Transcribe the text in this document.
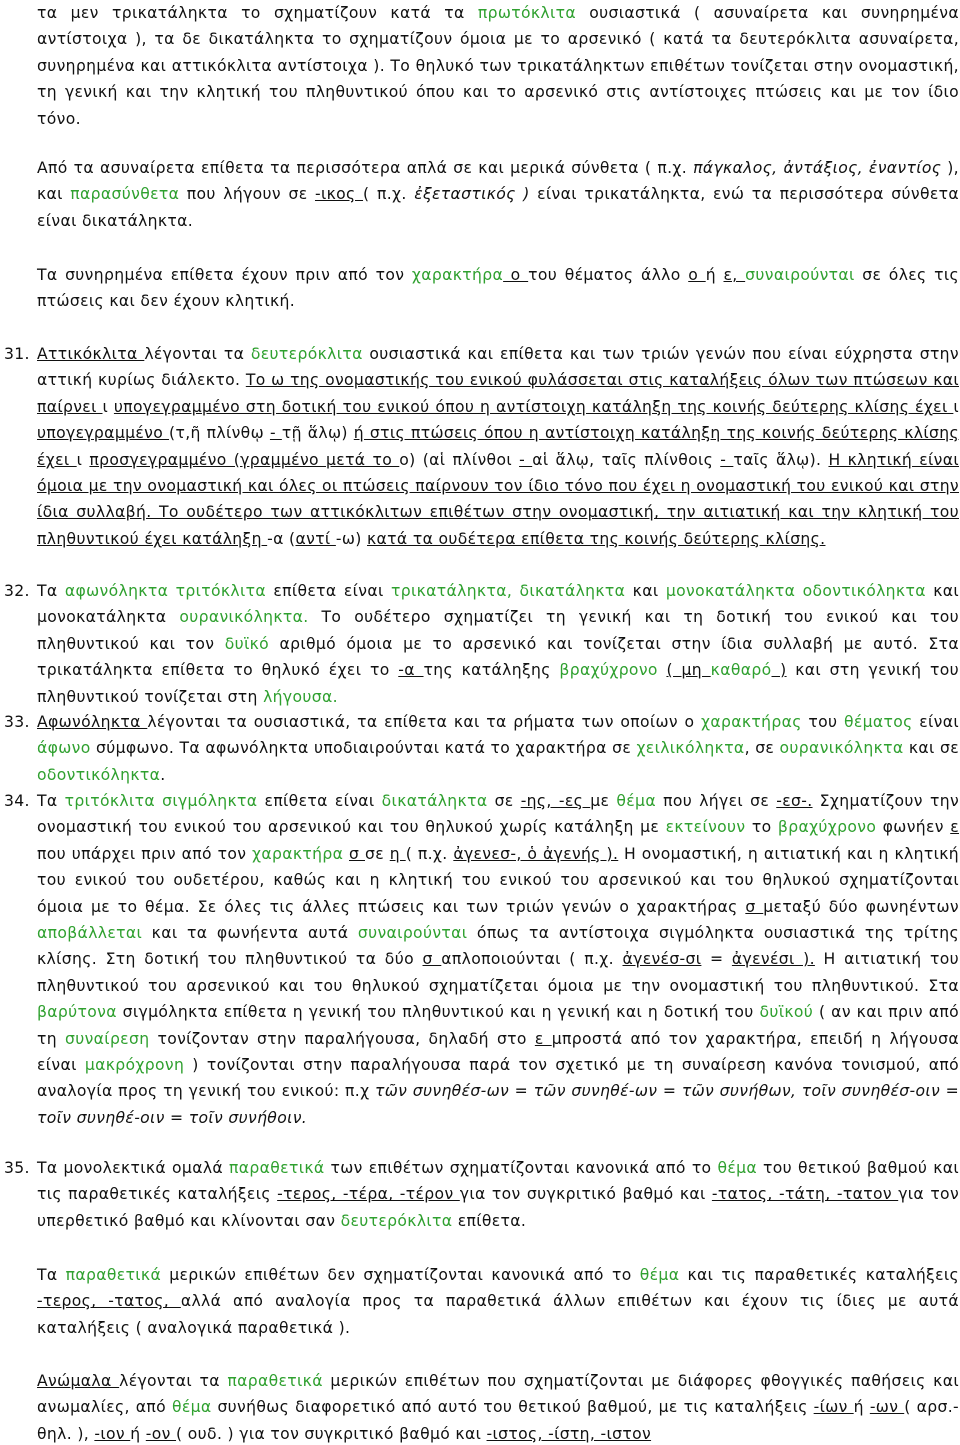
τα μεν τρικατάληκτα το σχηματίζουν κατά τα πρωτόκλιτα ουσιαστικά ( ασυναίρετα και συνηρημένα αντίστοιχα ), τα δε δικατάληκτα το σχηματίζουν όμοια με το αρσενικό ( κατά τα δευτερόκλιτα ασυναίρετα, συνηρημένα και αττικόκλιτα αντίστοιχα ). Το θηλυκό των τρικατάληκτων επιθέτων τονίζεται στην ονομαστική, τη γενική και την κλητική του πληθυντικού όπου και το αρσενικό στις αντίστοιχες πτώσεις και με τον ίδιο τόνο.

Από τα ασυναίρετα επίθετα τα περισσότερα απλά σε και μερικά σύνθετα ( π.χ. πάγκαλος, ἀντάξιος, ἐναντίος ), και παρασύνθετα που λήγουν σε -ικος ( π.χ. ἐξεταστικός ) είναι τρικατάληκτα, ενώ τα περισσότερα σύνθετα είναι δικατάληκτα.

Τα συνηρημένα επίθετα έχουν πριν από τον χαρακτήρα ο του θέματος άλλο ο ή ε, συναιρούνται σε όλες τις πτώσεις και δεν έχουν κλητική.

31. Αττικόκλιτα λέγονται τα δευτερόκλιτα ουσιαστικά και επίθετα και των τριών γενών που είναι εύχρηστα στην αττική κυρίως διάλεκτο. Το ω της ονομαστικής του ενικού φυλάσσεται στις καταλήξεις όλων των πτώσεων και παίρνει ι υπογεγραμμένο στη δοτική του ενικού όπου η αντίστοιχη κατάληξη της κοινής δεύτερης κλίσης έχει ι υπογεγραμμένο (τ,ῆ πλίνθῳ - τῇ ἅλῳ) ή στις πτώσεις όπου η αντίστοιχη κατάληξη της κοινής δεύτερης κλίσης έχει ι προσγεγραμμένο (γραμμένο μετά το ο) (αἱ πλίνθοι - αἱ ἅλῳ, ταῖς πλίνθοις - ταῖς ἅλῳ). Η κλητική είναι όμοια με την ονομαστική και όλες οι πτώσεις παίρνουν τον ίδιο τόνο που έχει η ονομαστική του ενικού και στην ίδια συλλαβή. Το ουδέτερο των αττικόκλιτων επιθέτων στην ονομαστική, την αιτιατική και την κλητική του πληθυντικού έχει κατάληξη -α (αντί -ω) κατά τα ουδέτερα επίθετα της κοινής δεύτερης κλίσης.

32. Τα αφωνόληκτα τριτόκλιτα επίθετα είναι τρικατάληκτα, δικατάληκτα και μονοκατάληκτα οδοντικόληκτα και μονοκατάληκτα ουρανικόληκτα. Το ουδέτερο σχηματίζει τη γενική και τη δοτική του ενικού και του πληθυντικού και τον δυϊκό αριθμό όμοια με το αρσενικό και τονίζεται στην ίδια συλλαβή με αυτό. Στα τρικατάληκτα επίθετα το θηλυκό έχει το -α της κατάληξης βραχύχρονο ( μη καθαρό ) και στη γενική του πληθυντικού τονίζεται στη λήγουσα.

33. Αφωνόληκτα λέγονται τα ουσιαστικά, τα επίθετα και τα ρήματα των οποίων ο χαρακτήρας του θέματος είναι άφωνο σύμφωνο. Τα αφωνόληκτα υποδιαιρούνται κατά το χαρακτήρα σε χειλικόληκτα, σε ουρανικόληκτα και σε οδοντικόληκτα.

34. Τα τριτόκλιτα σιγμόληκτα επίθετα είναι δικατάληκτα σε -ης, -ες με θέμα που λήγει σε -εσ-. Σχηματίζουν την ονομαστική του ενικού του αρσενικού και του θηλυκού χωρίς κατάληξη με εκτείνουν το βραχύχρονο φωνήεν ε που υπάρχει πριν από τον χαρακτήρα σ σε η ( π.χ. ἀγενεσ-, ὁ ἀγενής ). Η ονομαστική, η αιτιατική και η κλητική του ενικού του ουδετέρου, καθώς και η κλητική του ενικού του αρσενικού και του θηλυκού σχηματίζονται όμοια με το θέμα. Σε όλες τις άλλες πτώσεις και των τριών γενών ο χαρακτήρας σ μεταξύ δύο φωνηέντων αποβάλλεται και τα φωνήεντα αυτά συναιρούνται όπως τα αντίστοιχα σιγμόληκτα ουσιαστικά της τρίτης κλίσης. Στη δοτική του πληθυντικού τα δύο σ απλοποιούνται ( π.χ. ἀγενέσ-σι = ἀγενέσι ). Η αιτιατική του πληθυντικού του αρσενικού και του θηλυκού σχηματίζεται όμοια με την ονομαστική του πληθυντικού. Στα βαρύτονα σιγμόληκτα επίθετα η γενική του πληθυντικού και η γενική και η δοτική του δυϊκού ( αν και πριν από τη συναίρεση τονίζονταν στην παραλήγουσα, δηλαδή στο ε μπροστά από τον χαρακτήρα, επειδή η λήγουσα είναι μακρόχρονη ) τονίζονται στην παραλήγουσα παρά τον σχετικό με τη συναίρεση κανόνα τονισμού, από αναλογία προς τη γενική του ενικού: π.χ τῶν συνηθέσ-ων = τῶν συνηθέ-ων = τῶν συνήθων, τοῖν συνηθέσ-οιν = τοῖν συνηθέ-οιν = τοῖν συνήθοιν.

35. Τα μονολεκτικά ομαλά παραθετικά των επιθέτων σχηματίζονται κανονικά από το θέμα του θετικού βαθμού και τις παραθετικές καταλήξεις -τερος, -τέρα, -τέρον για τον συγκριτικό βαθμό και -τατος, -τάτη, -τατον για τον υπερθετικό βαθμό και κλίνονται σαν δευτερόκλιτα επίθετα.

Τα παραθετικά μερικών επιθέτων δεν σχηματίζονται κανονικά από το θέμα και τις παραθετικές καταλήξεις -τερος, -τατος, αλλά από αναλογία προς τα παραθετικά άλλων επιθέτων και έχουν τις ίδιες με αυτά καταλήξεις ( αναλογικά παραθετικά ).

Ανώμαλα λέγονται τα παραθετικά μερικών επιθέτων που σχηματίζονται με διάφορες φθογγικές παθήσεις και ανωμαλίες, από θέμα συνήθως διαφορετικό από αυτό του θετικού βαθμού, με τις καταλήξεις -ίων ή -ων ( αρσ.-θηλ. ), -ιον ή -ον ( ουδ. ) για τον συγκριτικό βαθμό και -ιστος, -ίστη, -ιστον
